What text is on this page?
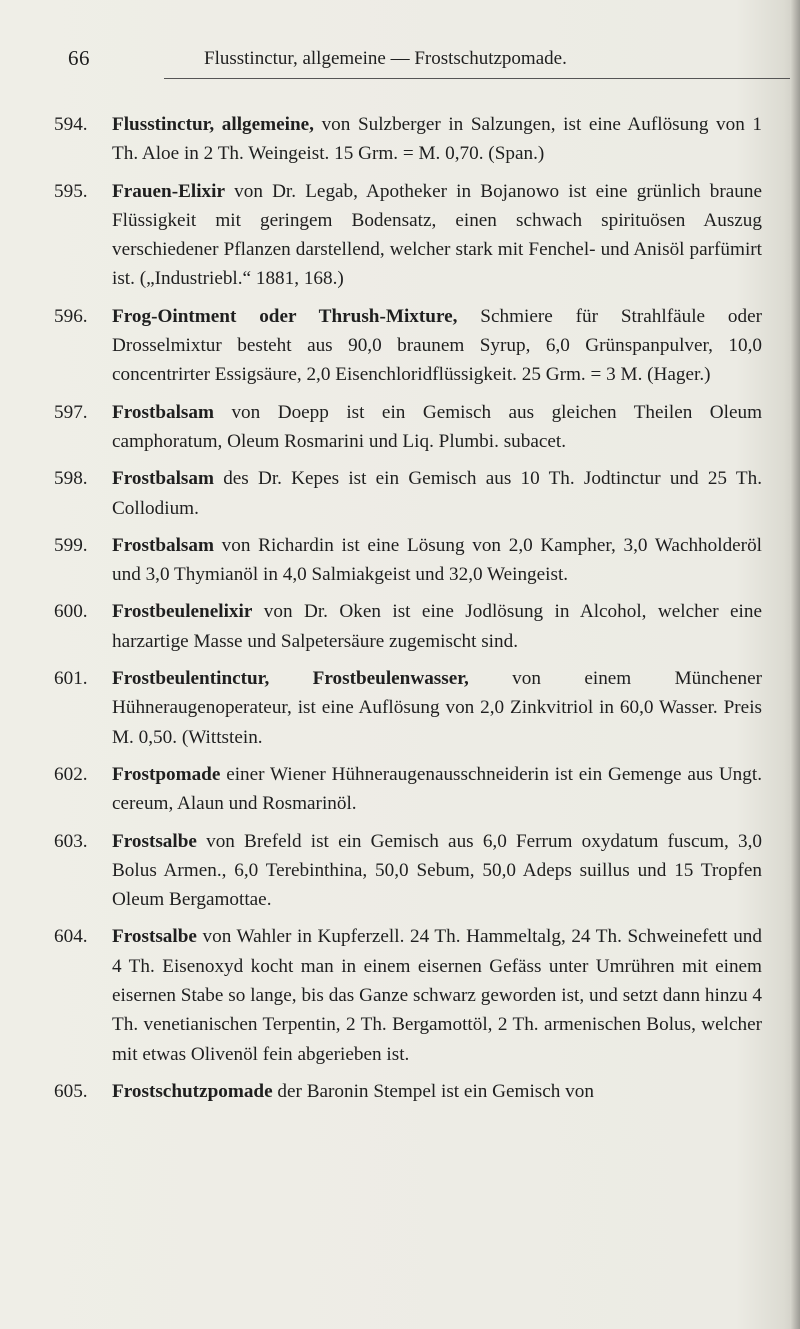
66	Flusstinctur, allgemeine — Frostschutzpomade.
594. Flusstinctur, allgemeine, von Sulzberger in Salzungen, ist eine Auflösung von 1 Th. Aloe in 2 Th. Weingeist. 15 Grm. = M. 0,70. (Span.)
595. Frauen-Elixir von Dr. Legab, Apotheker in Bojanowo ist eine grünlich braune Flüssigkeit mit geringem Bodensatz, einen schwach spirituösen Auszug verschiedener Pflanzen darstellend, welcher stark mit Fenchel- und Anisöl parfümirt ist. („Industriebl.“ 1881, 168.)
596. Frog-Ointment oder Thrush-Mixture, Schmiere für Strahlfäule oder Drosselmixtur besteht aus 90,0 braunem Syrup, 6,0 Grünspanpulver, 10,0 concentrirter Essigsäure, 2,0 Eisenchloridflüssigkeit. 25 Grm. = 3 M. (Hager.)
597. Frostbalsam von Doepp ist ein Gemisch aus gleichen Theilen Oleum camphoratum, Oleum Rosmarini und Liq. Plumbi. subacet.
598. Frostbalsam des Dr. Kepes ist ein Gemisch aus 10 Th. Jodtinctur und 25 Th. Collodium.
599. Frostbalsam von Richardin ist eine Lösung von 2,0 Kampher, 3,0 Wachholderöl und 3,0 Thymianöl in 4,0 Salmiakgeist und 32,0 Weingeist.
600. Frostbeulenelixir von Dr. Oken ist eine Jodlösung in Alcohol, welcher eine harzartige Masse und Salpetersäure zugemischt sind.
601. Frostbeulentinctur, Frostbeulenwasser, von einem Münchener Hühneraugenoperateur, ist eine Auflösung von 2,0 Zinkvitriol in 60,0 Wasser. Preis M. 0,50. (Wittstein.
602. Frostpomade einer Wiener Hühneraugenausschneiderin ist ein Gemenge aus Ungt. cereum, Alaun und Rosmarinöl.
603. Frostsalbe von Brefeld ist ein Gemisch aus 6,0 Ferrum oxydatum fuscum, 3,0 Bolus Armen., 6,0 Terebinthina, 50,0 Sebum, 50,0 Adeps suillus und 15 Tropfen Oleum Bergamottae.
604. Frostsalbe von Wahler in Kupferzell. 24 Th. Hammeltalg, 24 Th. Schweinefett und 4 Th. Eisenoxyd kocht man in einem eisernen Gefäss unter Umrühren mit einem eisernen Stabe so lange, bis das Ganze schwarz geworden ist, und setzt dann hinzu 4 Th. venetianischen Terpentin, 2 Th. Bergamottöl, 2 Th. armenischen Bolus, welcher mit etwas Olivenöl fein abgerieben ist.
605. Frostschutzpomade der Baronin Stempel ist ein Gemisch von
